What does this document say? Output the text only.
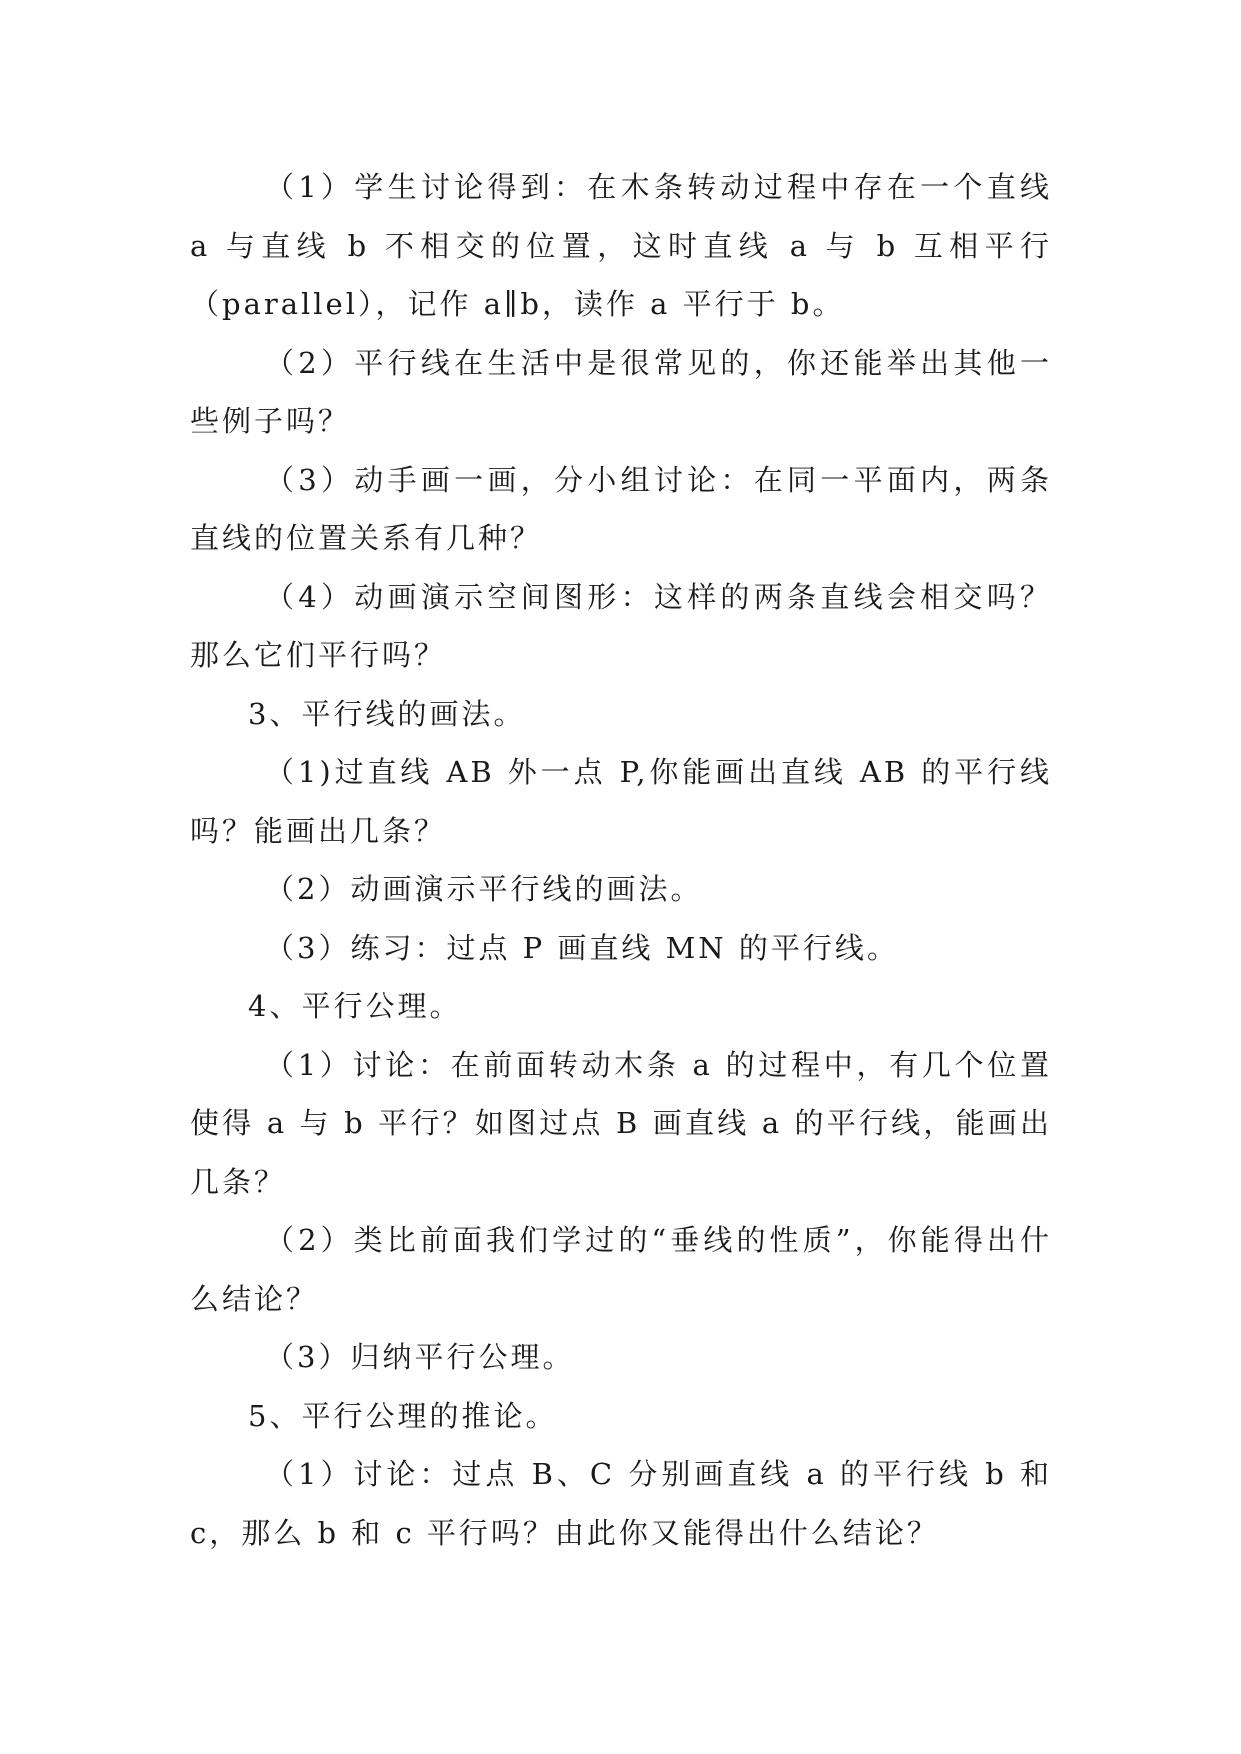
（1）学生讨论得到：在木条转动过程中存在一个直线 a 与直线 b 不相交的位置，这时直线 a 与 b 互相平行（parallel），记作 a∥b，读作 a 平行于 b。

（2）平行线在生活中是很常见的，你还能举出其他一些例子吗？

（3）动手画一画，分小组讨论：在同一平面内，两条直线的位置关系有几种？

（4）动画演示空间图形：这样的两条直线会相交吗？那么它们平行吗？

3、平行线的画法。

（1)过直线 AB 外一点 P,你能画出直线 AB 的平行线吗？能画出几条？

（2）动画演示平行线的画法。

（3）练习：过点 P 画直线 MN 的平行线。

4、平行公理。

（1）讨论：在前面转动木条 a 的过程中，有几个位置使得 a 与 b 平行？如图过点 B 画直线 a 的平行线，能画出几条？

（2）类比前面我们学过的“垂线的性质”，你能得出什么结论？

（3）归纳平行公理。

5、平行公理的推论。

（1）讨论：过点 B、C 分别画直线 a 的平行线 b 和 c，那么 b 和 c 平行吗？由此你又能得出什么结论？
